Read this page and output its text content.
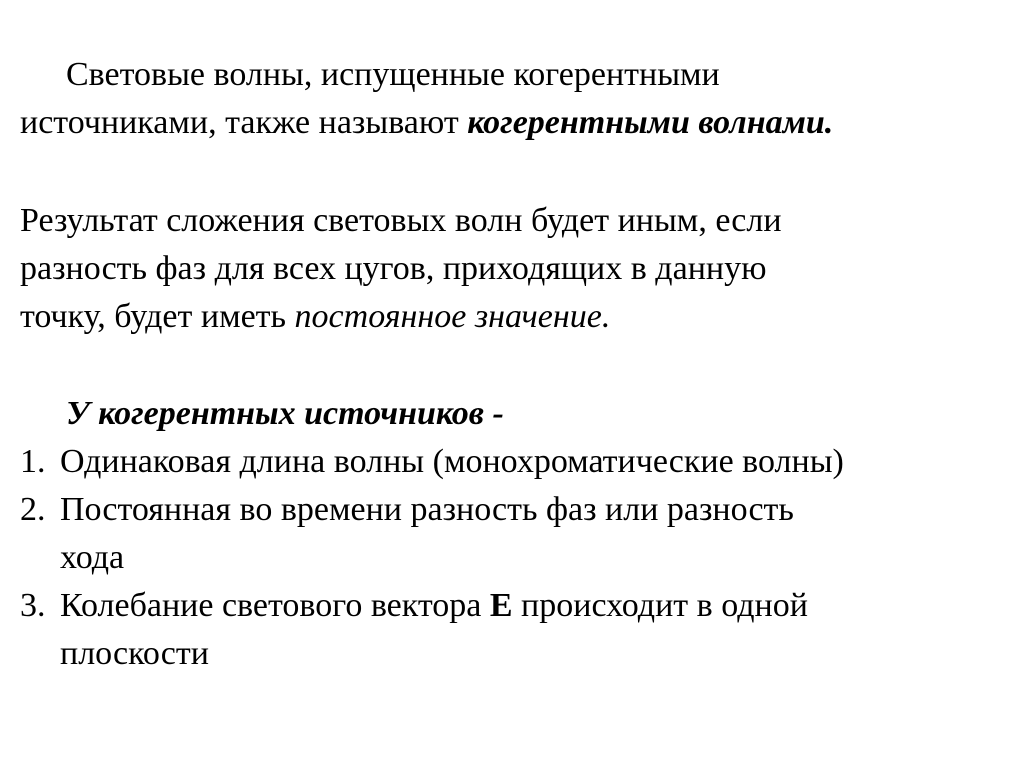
Световые волны, испущенные когерентными
источниками, также называют когерентными волнами.
Результат сложения световых волн будет иным, если
разность фаз для всех цугов, приходящих в данную
точку, будет иметь постоянное значение.
У когерентных источников -
1. Одинаковая длина волны (монохроматические волны)
2. Постоянная во времени разность фаз или разность
хода
3. Колебание светового вектора Е происходит в одной
плоскости
